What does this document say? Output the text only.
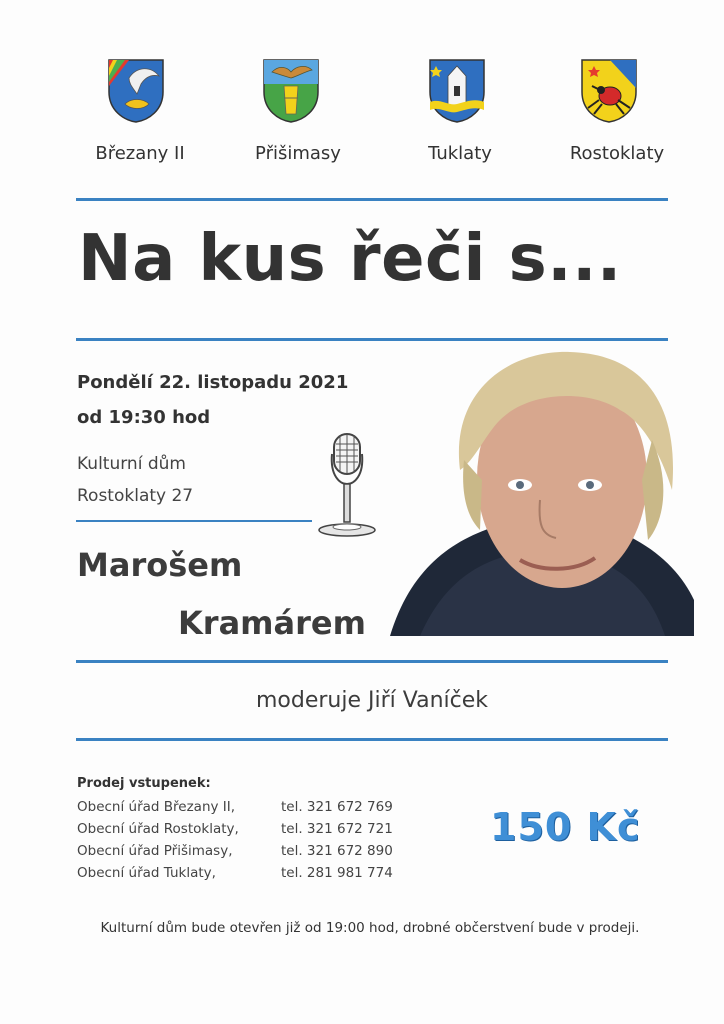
Březany II	Přišimasy	Tuklaty	Rostoklaty
Na kus řeči s...
Pondělí 22. listopadu 2021
od 19:30 hod
Kulturní dům
Rostoklaty 27
Marošem
Kramárem
moderuje Jiří Vaníček
Prodej vstupenek:
Obecní úřad Březany II,	tel. 321 672 769
Obecní úřad Rostoklaty,	tel. 321 672 721
Obecní úřad Přišimasy,	tel. 321 672 890
Obecní úřad Tuklaty,	tel. 281 981 774
150 Kč
Kulturní dům bude otevřen již od 19:00 hod, drobné občerstvení bude v prodeji.
